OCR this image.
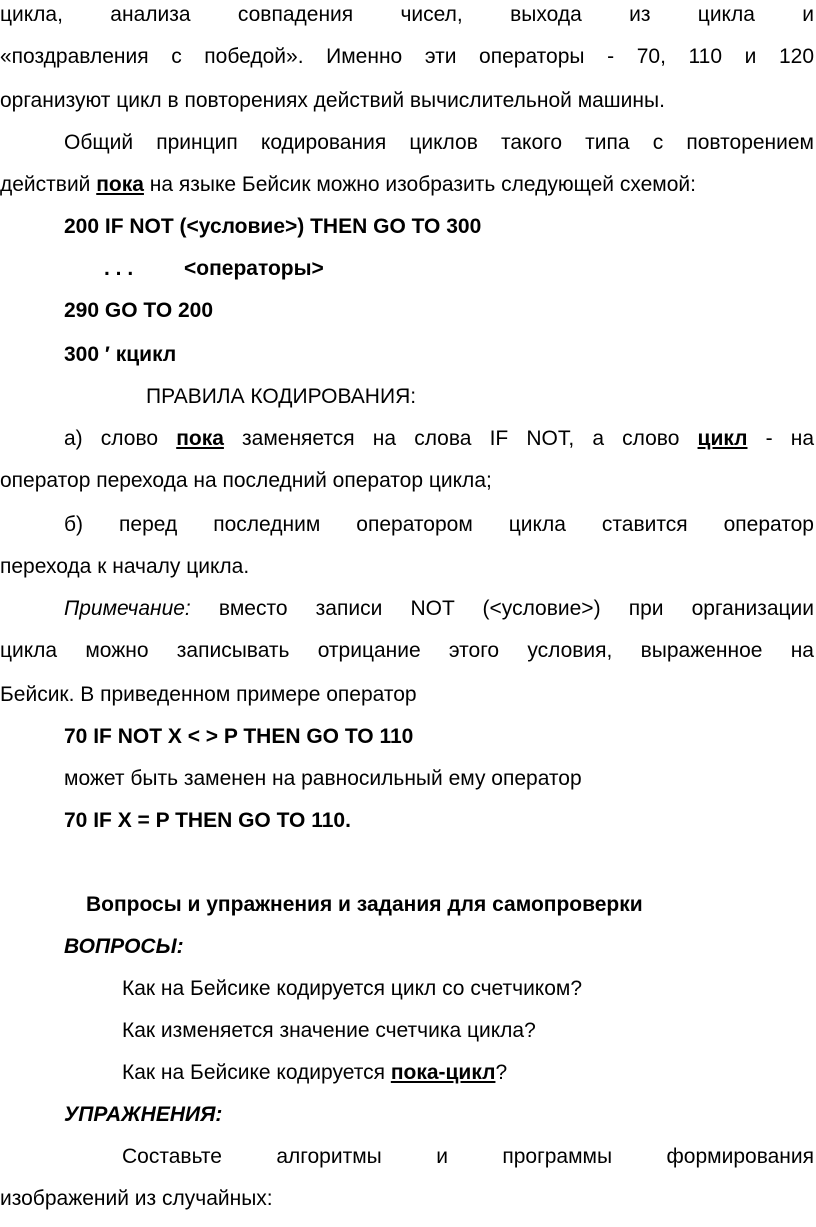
цикла, анализа совпадения чисел, выхода из цикла и
«поздравления с победой». Именно эти операторы - 70, 110 и 120
организуют цикл в повторениях действий вычислительной машины.
Общий принцип кодирования циклов такого типа с повторением
действий пока на языке Бейсик можно изобразить следующей схемой:
200 IF NOT (<условие>) THEN GO TO 300
. . . <операторы>
290 GO TO 200
300 ′ кцикл
ПРАВИЛА КОДИРОВАНИЯ:
а) слово пока заменяется на слова IF NOT, а слово цикл - на
оператор перехода на последний оператор цикла;
б) перед последним оператором цикла ставится оператор
перехода к началу цикла.
Примечание: вместо записи NOT (<условие>) при организации
цикла можно записывать отрицание этого условия, выраженное на
Бейсик. В приведенном примере оператор
70 IF NOT X < > P THEN GO TO 110
может быть заменен на равносильный ему оператор
70 IF X = P THEN GO TO 110.
Вопросы и упражнения и задания для самопроверки
ВОПРОСЫ:
Как на Бейсике кодируется цикл со счетчиком?
Как изменяется значение счетчика цикла?
Как на Бейсике кодируется пока-цикл?
УПРАЖНЕНИЯ:
Составьте алгоритмы и программы формирования
изображений из случайных:
